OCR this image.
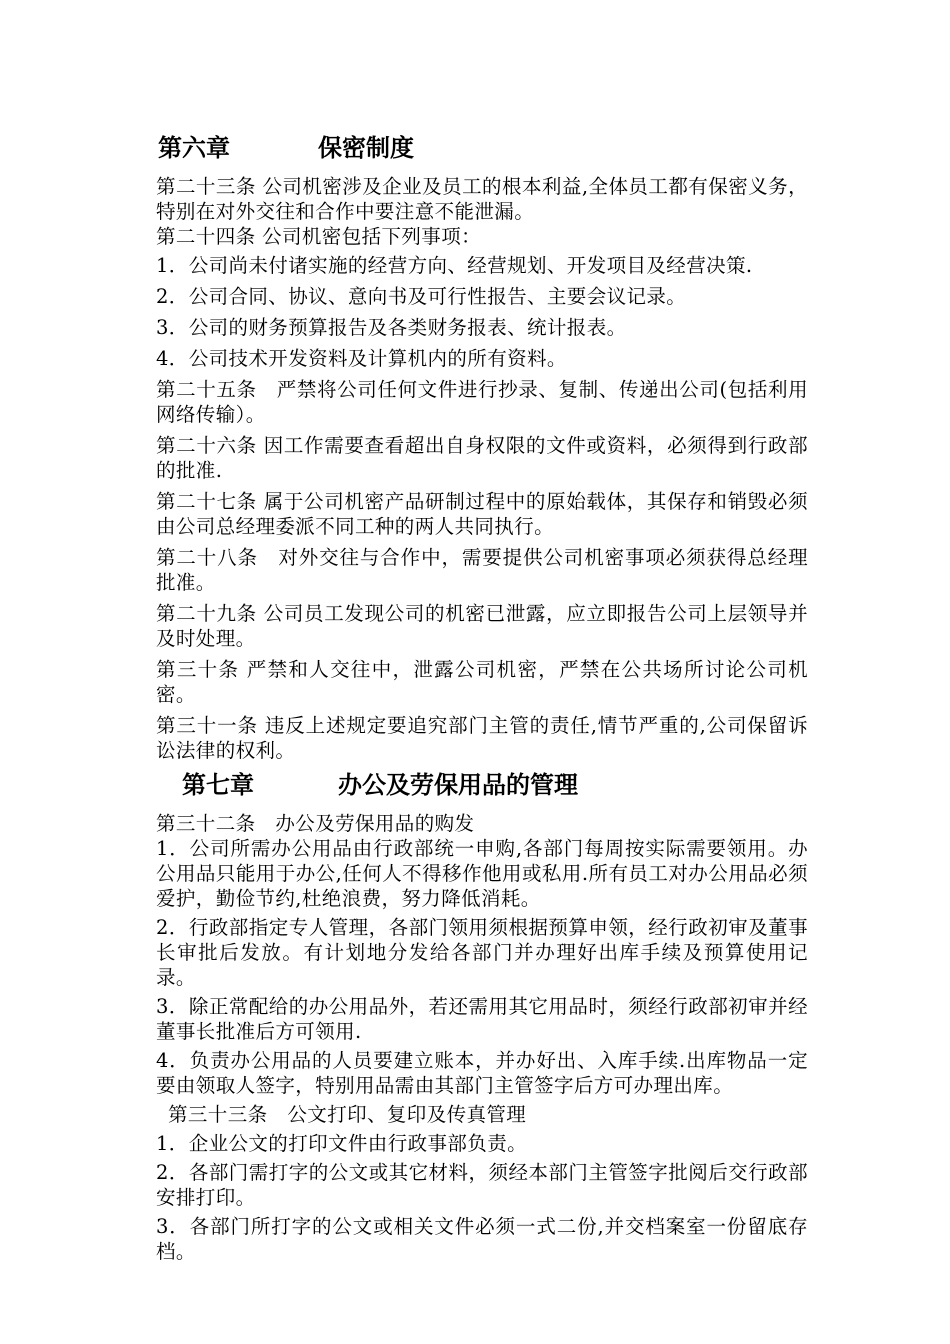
第六章	保密制度

第二十三条 公司机密涉及企业及员工的根本利益,全体员工都有保密义务，特别在对外交往和合作中要注意不能泄漏。

第二十四条 公司机密包括下列事项：

1．公司尚未付诸实施的经营方向、经营规划、开发项目及经营决策.

2．公司合同、协议、意向书及可行性报告、主要会议记录。

3．公司的财务预算报告及各类财务报表、统计报表。

4．公司技术开发资料及计算机内的所有资料。

第二十五条　严禁将公司任何文件进行抄录、复制、传递出公司(包括利用网络传输）。

第二十六条 因工作需要查看超出自身权限的文件或资料，必须得到行政部的批准.

第二十七条 属于公司机密产品研制过程中的原始载体，其保存和销毁必须由公司总经理委派不同工种的两人共同执行。

第二十八条　对外交往与合作中，需要提供公司机密事项必须获得总经理批准。

第二十九条 公司员工发现公司的机密已泄露，应立即报告公司上层领导并及时处理。

第三十条 严禁和人交往中，泄露公司机密，严禁在公共场所讨论公司机密。

第三十一条 违反上述规定要追究部门主管的责任,情节严重的,公司保留诉讼法律的权利。

第七章	办公及劳保用品的管理

第三十二条　办公及劳保用品的购发

1．公司所需办公用品由行政部统一申购,各部门每周按实际需要领用。办公用品只能用于办公,任何人不得移作他用或私用.所有员工对办公用品必须爱护，勤俭节约,杜绝浪费，努力降低消耗。

2．行政部指定专人管理，各部门领用须根据预算申领，经行政初审及董事长审批后发放。有计划地分发给各部门并办理好出库手续及预算使用记录。

3．除正常配给的办公用品外，若还需用其它用品时，须经行政部初审并经董事长批准后方可领用.

4．负责办公用品的人员要建立账本，并办好出、入库手续.出库物品一定要由领取人签字，特别用品需由其部门主管签字后方可办理出库。

第三十三条　公文打印、复印及传真管理

1．企业公文的打印文件由行政事部负责。

2．各部门需打字的公文或其它材料，须经本部门主管签字批阅后交行政部安排打印。

3．各部门所打字的公文或相关文件必须一式二份,并交档案室一份留底存档。
